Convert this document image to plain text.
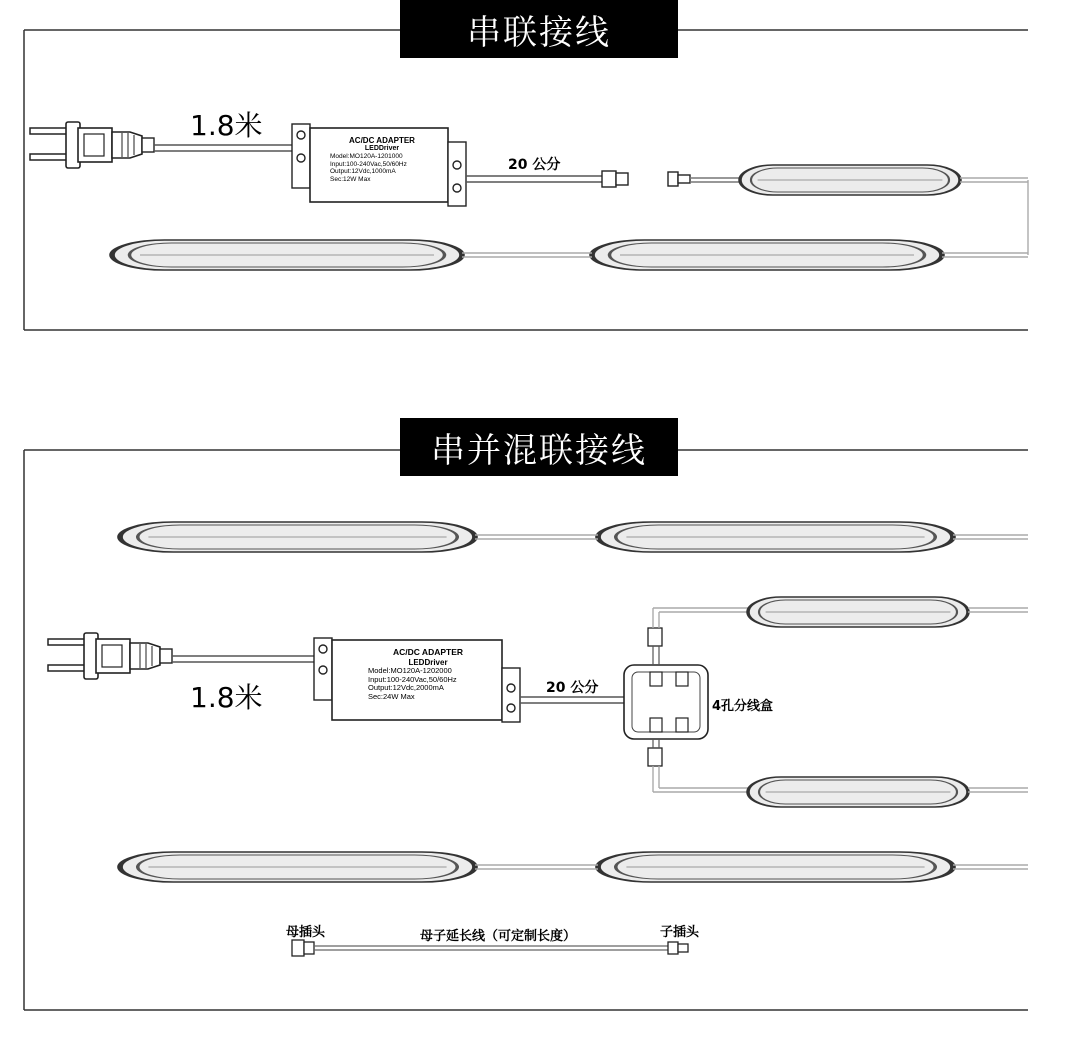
串联接线
1.8米
20 公分
AC/DC ADAPTER
LEDDriver
Model:MO120A-1201000
Input:100-240Vac,50/60Hz
Output:12Vdc,1000mA
Sec:12W Max
串并混联接线
1.8米	20 公分
4孔分线盒
AC/DC ADAPTER
LEDDriver
Model:MO120A-1202000
Input:100-240Vac,50/60Hz
Output:12Vdc,2000mA
Sec:24W Max
母插头	母子延长线（可定制长度）	子插头
